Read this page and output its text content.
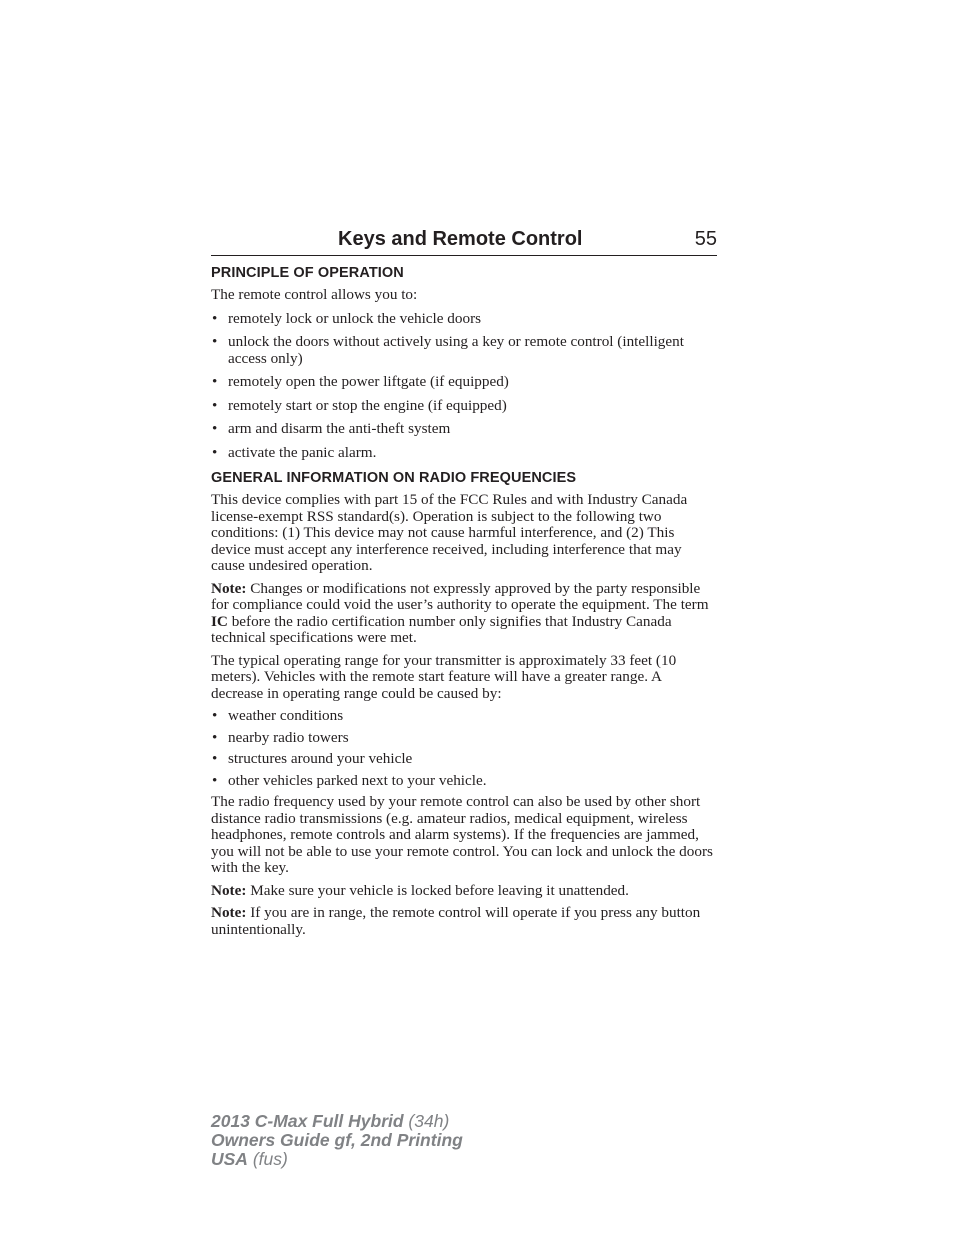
Keys and Remote Control	55
PRINCIPLE OF OPERATION

The remote control allows you to:

• remotely lock or unlock the vehicle doors
• unlock the doors without actively using a key or remote control (intelligent access only)
• remotely open the power liftgate (if equipped)
• remotely start or stop the engine (if equipped)
• arm and disarm the anti-theft system
• activate the panic alarm.
GENERAL INFORMATION ON RADIO FREQUENCIES

This device complies with part 15 of the FCC Rules and with Industry Canada license-exempt RSS standard(s). Operation is subject to the following two conditions: (1) This device may not cause harmful interference, and (2) This device must accept any interference received, including interference that may cause undesired operation.

Note: Changes or modifications not expressly approved by the party responsible for compliance could void the user’s authority to operate the equipment. The term IC before the radio certification number only signifies that Industry Canada technical specifications were met.

The typical operating range for your transmitter is approximately 33 feet (10 meters). Vehicles with the remote start feature will have a greater range. A decrease in operating range could be caused by:

• weather conditions
• nearby radio towers
• structures around your vehicle
• other vehicles parked next to your vehicle.

The radio frequency used by your remote control can also be used by other short distance radio transmissions (e.g. amateur radios, medical equipment, wireless headphones, remote controls and alarm systems). If the frequencies are jammed, you will not be able to use your remote control. You can lock and unlock the doors with the key.

Note: Make sure your vehicle is locked before leaving it unattended.

Note: If you are in range, the remote control will operate if you press any button unintentionally.

2013 C-Max Full Hybrid (34h)
Owners Guide gf, 2nd Printing
USA (fus)
